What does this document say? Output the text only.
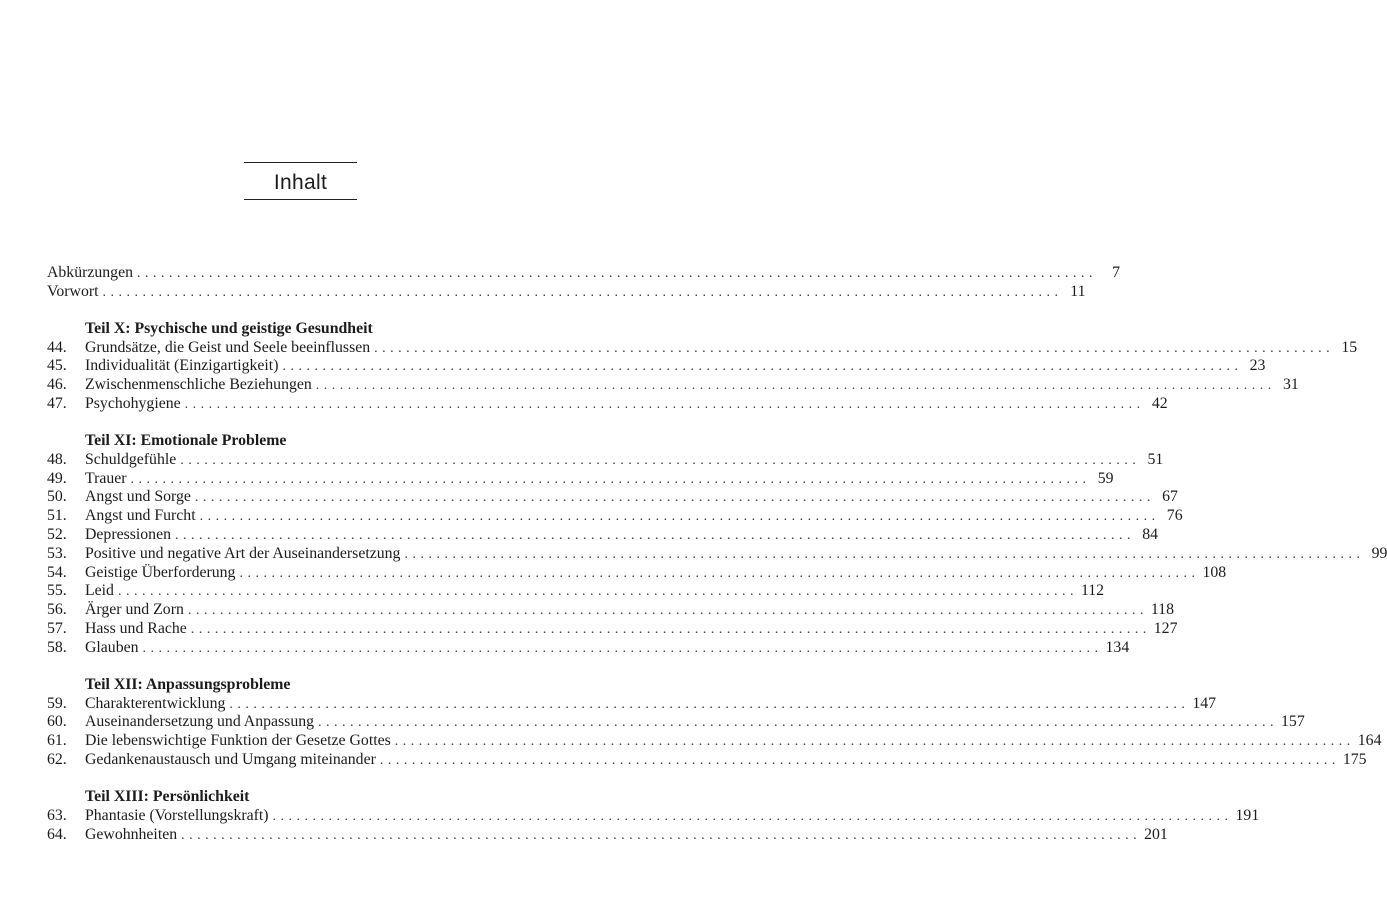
Inhalt
Abkürzungen ........................................................................................................................ 7
Vorwort ........................................................................................................................ 11
Teil X: Psychische und geistige Gesundheit
44.	Grundsätze, die Geist und Seele beeinflussen ........................................................................................................................ 15
45.	Individualität (Einzigartigkeit) ........................................................................................................................ 23
46.	Zwischenmenschliche Beziehungen ........................................................................................................................ 31
47.	Psychohygiene ........................................................................................................................ 42
Teil XI: Emotionale Probleme
48.	Schuldgefühle ........................................................................................................................ 51
49.	Trauer ........................................................................................................................ 59
50.	Angst und Sorge ........................................................................................................................ 67
51.	Angst und Furcht ........................................................................................................................ 76
52.	Depressionen ........................................................................................................................ 84
53.	Positive und negative Art der Auseinandersetzung ........................................................................................................................ 99
54.	Geistige Überforderung ........................................................................................................................ 108
55.	Leid ........................................................................................................................ 112
56.	Ärger und Zorn ........................................................................................................................ 118
57.	Hass und Rache ........................................................................................................................ 127
58.	Glauben ........................................................................................................................ 134
Teil XII: Anpassungsprobleme
59.	Charakterentwicklung ........................................................................................................................ 147
60.	Auseinandersetzung und Anpassung ........................................................................................................................ 157
61.	Die lebenswichtige Funktion der Gesetze Gottes ........................................................................................................................ 164
62.	Gedankenaustausch und Umgang miteinander ........................................................................................................................ 175
Teil XIII: Persönlichkeit
63.	Phantasie (Vorstellungskraft) ........................................................................................................................ 191
64.	Gewohnheiten ........................................................................................................................ 201
